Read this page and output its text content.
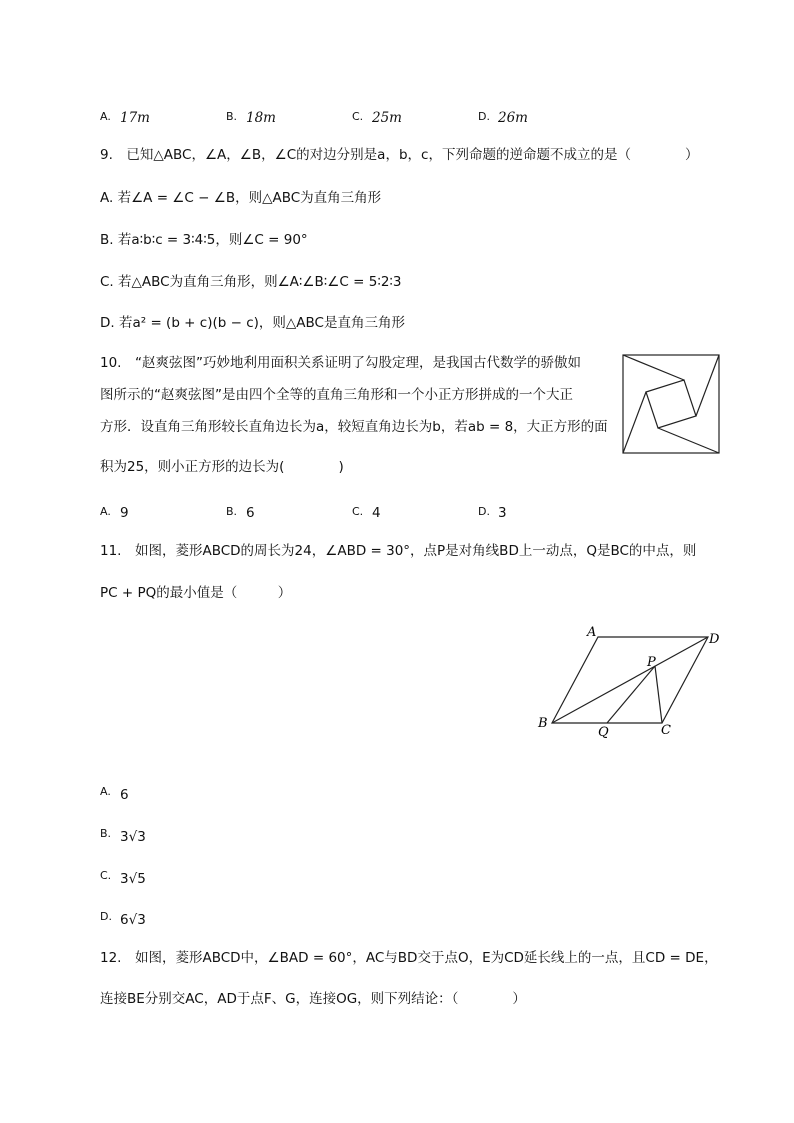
A. 17m	B. 18m	C. 25m	D. 26m
9.　已知△ABC，∠A，∠B，∠C的对边分别是a，b，c，下列命题的逆命题不成立的是（　　　　）
A. 若∠A = ∠C − ∠B，则△ABC为直角三角形
B. 若a∶b∶c = 3∶4∶5，则∠C = 90°
C. 若△ABC为直角三角形，则∠A∶∠B∶∠C = 5∶2∶3
D. 若a² = (b + c)(b − c)，则△ABC是直角三角形
10.　“赵爽弦图”巧妙地利用面积关系证明了勾股定理，是我国古代数学的骄傲如
图所示的“赵爽弦图”是由四个全等的直角三角形和一个小正方形拼成的一个大正
方形．设直角三角形较长直角边长为a，较短直角边长为b，若ab = 8，大正方形的面
积为25，则小正方形的边长为(　　　　)
A. 9	B. 6	C. 4	D. 3
11.　如图，菱形ABCD的周长为24，∠ABD = 30°，点P是对角线BD上一动点，Q是BC的中点，则
PC + PQ的最小值是（　　　）
A	D
P
B
Q	C
A. 6
B. 3√3
C. 3√5
D. 6√3
12.　如图，菱形ABCD中，∠BAD = 60°，AC与BD交于点O，E为CD延长线上的一点，且CD = DE，
连接BE分别交AC，AD于点F、G，连接OG，则下列结论：（　　　　）
